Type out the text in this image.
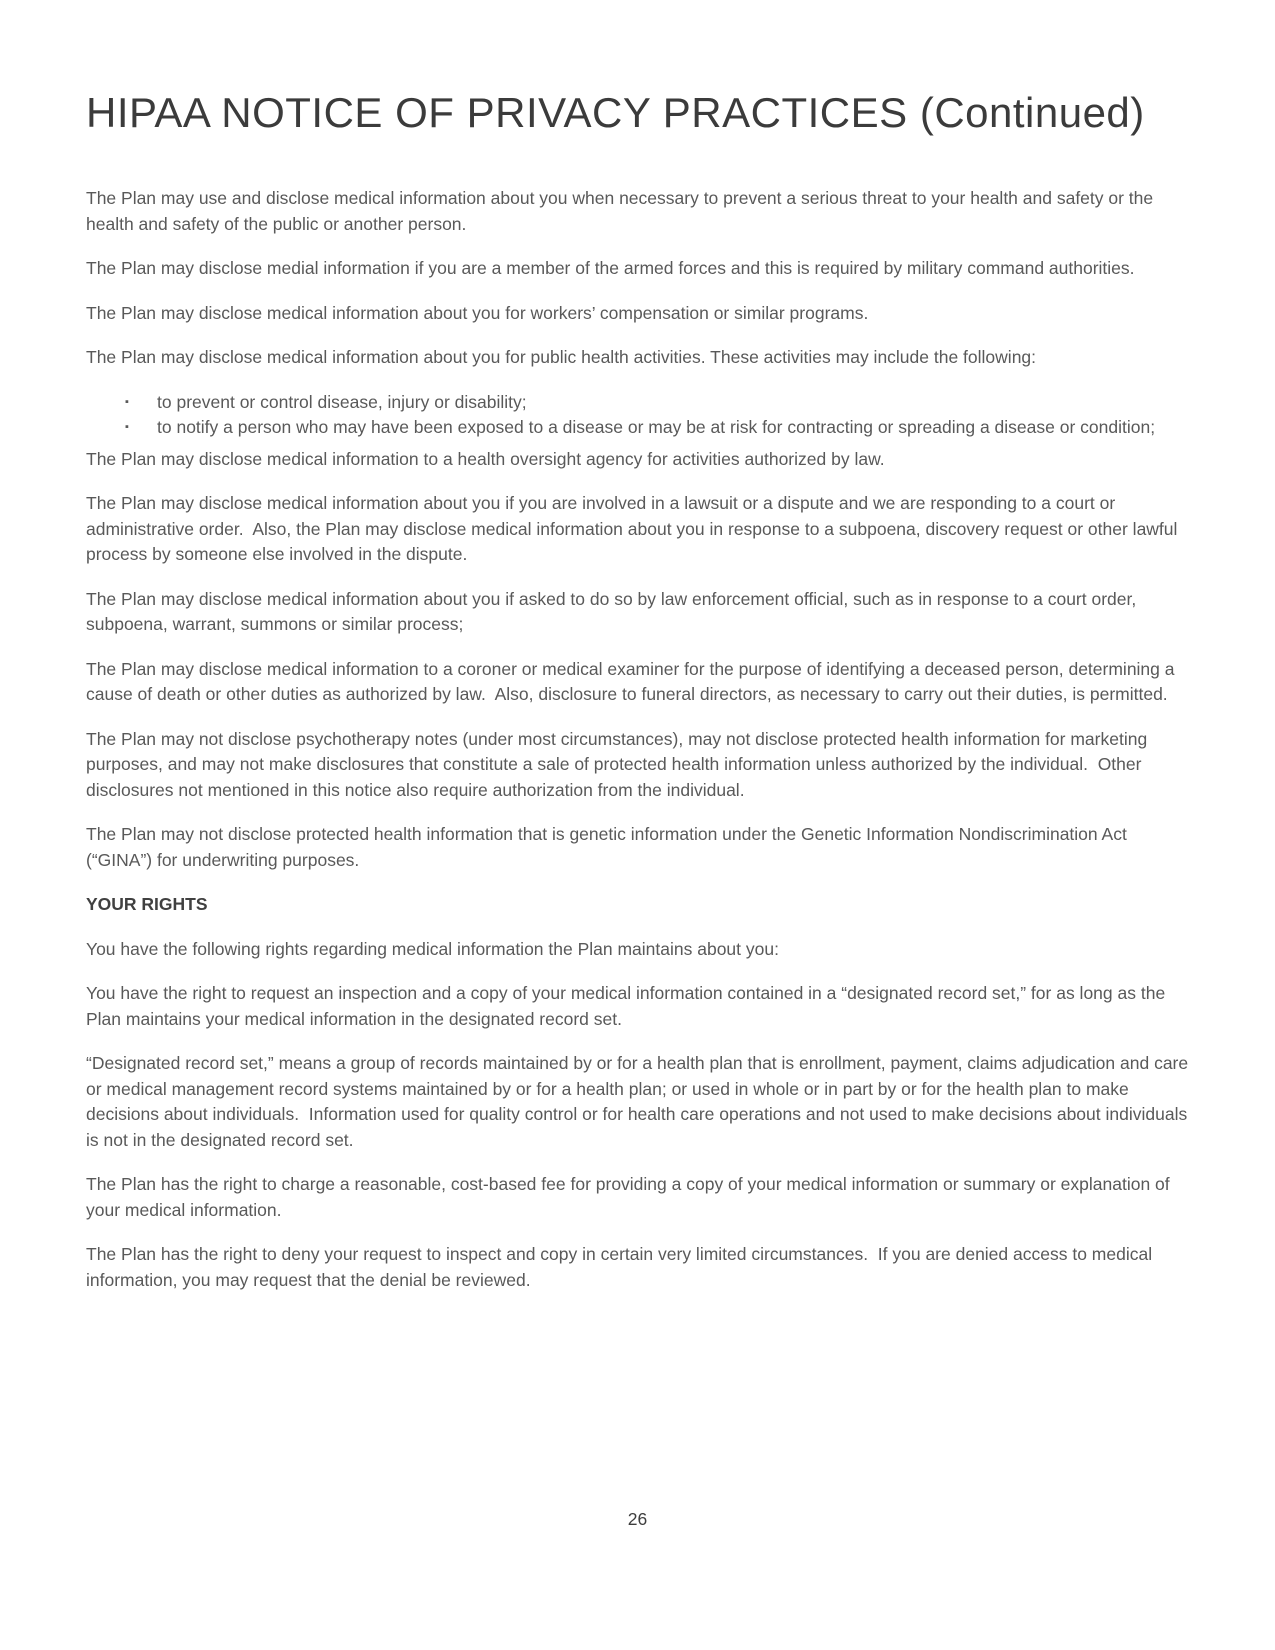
HIPAA NOTICE OF PRIVACY PRACTICES (Continued)

The Plan may use and disclose medical information about you when necessary to prevent a serious threat to your health and safety or the health and safety of the public or another person.

The Plan may disclose medial information if you are a member of the armed forces and this is required by military command authorities.

The Plan may disclose medical information about you for workers’ compensation or similar programs.

The Plan may disclose medical information about you for public health activities. These activities may include the following:

▪	to prevent or control disease, injury or disability;
▪	to notify a person who may have been exposed to a disease or may be at risk for contracting or spreading a disease or condition;

The Plan may disclose medical information to a health oversight agency for activities authorized by law.

The Plan may disclose medical information about you if you are involved in a lawsuit or a dispute and we are responding to a court or administrative order.  Also, the Plan may disclose medical information about you in response to a subpoena, discovery request or other lawful process by someone else involved in the dispute.

The Plan may disclose medical information about you if asked to do so by law enforcement official, such as in response to a court order, subpoena, warrant, summons or similar process;

The Plan may disclose medical information to a coroner or medical examiner for the purpose of identifying a deceased person, determining a cause of death or other duties as authorized by law.  Also, disclosure to funeral directors, as necessary to carry out their duties, is permitted.

The Plan may not disclose psychotherapy notes (under most circumstances), may not disclose protected health information for marketing purposes, and may not make disclosures that constitute a sale of protected health information unless authorized by the individual.  Other disclosures not mentioned in this notice also require authorization from the individual.

The Plan may not disclose protected health information that is genetic information under the Genetic Information Nondiscrimination Act (“GINA”) for underwriting purposes.

YOUR RIGHTS

You have the following rights regarding medical information the Plan maintains about you:

You have the right to request an inspection and a copy of your medical information contained in a “designated record set,” for as long as the Plan maintains your medical information in the designated record set.

“Designated record set,” means a group of records maintained by or for a health plan that is enrollment, payment, claims adjudication and care or medical management record systems maintained by or for a health plan; or used in whole or in part by or for the health plan to make decisions about individuals.  Information used for quality control or for health care operations and not used to make decisions about individuals is not in the designated record set.

The Plan has the right to charge a reasonable, cost-based fee for providing a copy of your medical information or summary or explanation of your medical information.

The Plan has the right to deny your request to inspect and copy in certain very limited circumstances.  If you are denied access to medical information, you may request that the denial be reviewed.

26
